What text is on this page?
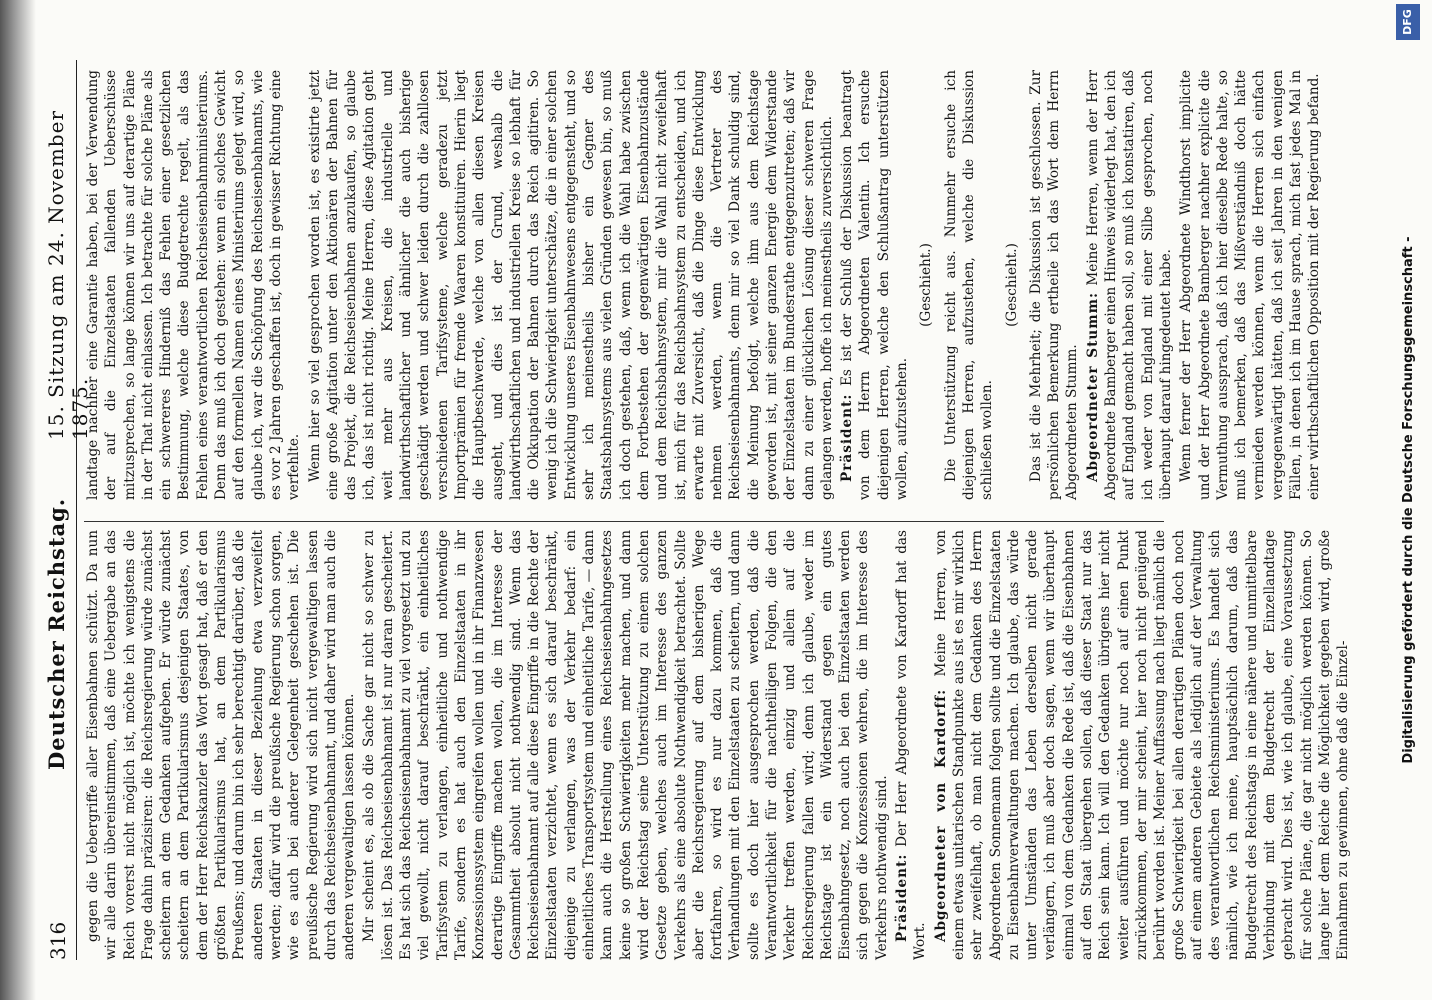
316
Deutscher Reichstag.
15. Sitzung am 24. November 1875.

gegen die Uebergriffe aller Eisenbahnen schützt. Da nun wir alle darin übereinstimmen, daß eine Uebergabe an das Reich vorerst nicht möglich ist, möchte ich wenigstens die Frage dahin präzisiren: die Reichsregierung würde zunächst scheitern an dem Gedanken aufgeben. Er würde zunächst scheitern an dem Partikularismus desjenigen Staates, von dem der Herr Reichskanzler das Wort gesagt hat, daß er den größten Partikularismus hat, an dem Partikularismus Preußens; und darum bin ich sehr berechtigt darüber, daß die anderen Staaten in dieser Beziehung etwa verzweifelt werden; dafür wird die preußische Regierung schon sorgen, wie es auch bei anderer Gelegenheit geschehen ist. Die preußische Regierung wird sich nicht vergewaltigen lassen durch das Reichseisenbahnamt, und daher wird man auch die anderen vergewaltigen lassen können. Mir scheint es, als ob die Sache gar nicht so schwer zu lösen ist. Das Reichseisenbahnamt ist nur daran gescheitert. Es hat sich das Reichseisenbahnamt zu viel vorgesetzt und zu viel gewollt, nicht darauf beschränkt, ein einheitliches Tarifsystem zu verlangen, einheitliche und nothwendige Tarife, sondern es hat auch den Einzelstaaten in ihr Konzessionssystem eingreifen wollen und in ihr Finanzwesen derartige Eingriffe machen wollen, die im Interesse der Gesammtheit absolut nicht nothwendig sind. Wenn das Reichseisenbahnamt auf alle diese Eingriffe in die Rechte der Einzelstaaten verzichtet, wenn es sich darauf beschränkt, diejenige zu verlangen, was der Verkehr bedarf: ein einheitliches Transportsystem und einheitliche Tarife, — dann kann auch die Herstellung eines Reichseisenbahngesetzes keine so großen Schwierigkeiten mehr machen, und dann wird der Reichstag seine Unterstützung zu einem solchen Gesetze geben, welches auch im Interesse des ganzen Verkehrs als eine absolute Nothwendigkeit betrachtet. Sollte aber die Reichsregierung auf dem bisherigen Wege fortfahren, so wird es nur dazu kommen, daß die Verhandlungen mit den Einzelstaaten zu scheitern, und dann sollte es doch hier ausgesprochen werden, daß die Verantwortlichkeit für die nachtheiligen Folgen, die den Verkehr treffen werden, einzig und allein auf die Reichsregierung fallen wird; denn ich glaube, weder im Reichstage ist ein Widerstand gegen ein gutes Eisenbahngesetz, noch auch bei den Einzelstaaten werden sich gegen die Konzessionen wehren, die im Interesse des Verkehrs nothwendig sind. Präsident: Der Herr Abgeordnete von Kardorff hat das Wort. Abgeordneter von Kardorff: Meine Herren, von einem etwas unitarischen Standpunkte aus ist es mir wirklich sehr zweifelhaft, ob man nicht dem Gedanken des Herrn Abgeordneten Sonnemann folgen sollte und die Einzelstaaten zu Eisenbahnverwaltungen machen. Ich glaube, das würde unter Umständen das Leben derselben nicht gerade verlängern, ich muß aber doch sagen, wenn wir überhaupt einmal von dem Gedanken die Rede ist, daß die Eisenbahnen auf den Staat übergehen sollen, daß dieser Staat nur das Reich sein kann. Ich will den Gedanken übrigens hier nicht weiter ausführen und möchte nur noch auf einen Punkt zurückkommen, der mir scheint, hier noch nicht genügend berührt worden ist. Meiner Auffassung nach liegt nämlich die große Schwierigkeit bei allen derartigen Plänen doch noch auf einem anderen Gebiete als lediglich auf der Verwaltung des verantwortlichen Reichsministeriums. Es handelt sich nämlich, wie ich meine, hauptsächlich darum, daß das Budgetrecht des Reichstags in eine nähere und unmittelbare Verbindung mit dem Budgetrecht der Einzellandtage gebracht wird. Dies ist, wie ich glaube, eine Voraussetzung für solche Pläne, die gar nicht möglich werden können. So lange hier dem Reiche die Möglichkeit gegeben wird, große Einnahmen zu gewinnen, ohne daß die Einzel-

landtage nachher eine Garantie haben, bei der Verwendung der auf die Einzelstaaten fallenden Ueberschüsse mitzusprechen, so lange können wir uns auf derartige Pläne in der That nicht einlassen. Ich betrachte für solche Pläne als ein schwereres Hinderniß das Fehlen einer gesetzlichen Bestimmung, welche diese Budgetrechte regelt, als das Fehlen eines verantwortlichen Reichseisenbahnministeriums. Denn das muß ich doch gestehen: wenn ein solches Gewicht auf den formellen Namen eines Ministeriums gelegt wird, so glaube ich, war die Schöpfung des Reichseisenbahnamts, wie es vor 2 Jahren geschaffen ist, doch in gewisser Richtung eine verfehlte. Wenn hier so viel gesprochen worden ist, es existirte jetzt eine große Agitation unter den Aktionären der Bahnen für das Projekt, die Reichseisenbahnen anzukaufen, so glaube ich, das ist nicht richtig. Meine Herren, diese Agitation geht weit mehr aus Kreisen, die industrielle und landwirthschaftlicher und ähnlicher die auch bisherige geschädigt werden und schwer leiden durch die zahllosen verschiedenen Tarifsysteme, welche geradezu jetzt Importprämien für fremde Waaren konstituiren. Hierin liegt die Hauptbeschwerde, welche von allen diesen Kreisen ausgeht, und dies ist der Grund, weshalb die landwirthschaftlichen und industriellen Kreise so lebhaft für die Okkupation der Bahnen durch das Reich agitiren. So wenig ich die Schwierigkeit unterschätze, die in einer solchen Entwicklung unseres Eisenbahnwesens entgegensteht, und so sehr ich meinestheils bisher ein Gegner des Staatsbahnsystems aus vielen Gründen gewesen bin, so muß ich doch gestehen, daß, wenn ich die Wahl habe zwischen dem Fortbestehen der gegenwärtigen Eisenbahnzustände und dem Reichsbahnsystem, mir die Wahl nicht zweifelhaft ist, mich für das Reichsbahnsystem zu entscheiden, und ich erwarte mit Zuversicht, daß die Dinge diese Entwicklung nehmen werden, wenn die Vertreter des Reichseisenbahnamts, denn mir so viel Dank schuldig sind, die Meinung befolgt, welche ihm aus dem Reichstage geworden ist, mit seiner ganzen Energie dem Widerstande der Einzelstaaten im Bundesrathe entgegenzutreten; daß wir dann zu einer glücklichen Lösung dieser schweren Frage gelangen werden, hoffe ich meinestheils zuversichtlich. Präsident: Es ist der Schluß der Diskussion beantragt von dem Herrn Abgeordneten Valentin. Ich ersuche diejenigen Herren, welche den Schlußantrag unterstützen wollen, aufzustehen.

(Geschieht.) Die Unterstützung reicht aus. Nunmehr ersuche ich diejenigen Herren, aufzustehen, welche die Diskussion schließen wollen.

(Geschieht.) Das ist die Mehrheit; die Diskussion ist geschlossen. Zur persönlichen Bemerkung ertheile ich das Wort dem Herrn Abgeordneten Stumm. Abgeordneter Stumm: Meine Herren, wenn der Herr Abgeordnete Bamberger einen Hinweis widerlegt hat, den ich auf England gemacht haben soll, so muß ich konstatiren, daß ich weder von England mit einer Silbe gesprochen, noch überhaupt darauf hingedeutet habe. Wenn ferner der Herr Abgeordnete Windthorst implicite und der Herr Abgeordnete Bamberger nachher explicite die Vermuthung aussprach, daß ich hier dieselbe Rede halte, so muß ich bemerken, daß das Mißverständniß doch hätte vermieden werden können, wenn die Herren sich einfach vergegenwärtigt hätten, daß ich seit Jahren in den wenigen Fällen, in denen ich im Hause sprach, mich fast jedes Mal in einer wirthschaftlichen Opposition mit der Regierung befand.	Digitalisierung gefördert durch die Deutsche Forschungsgemeinschaft -
DFG
